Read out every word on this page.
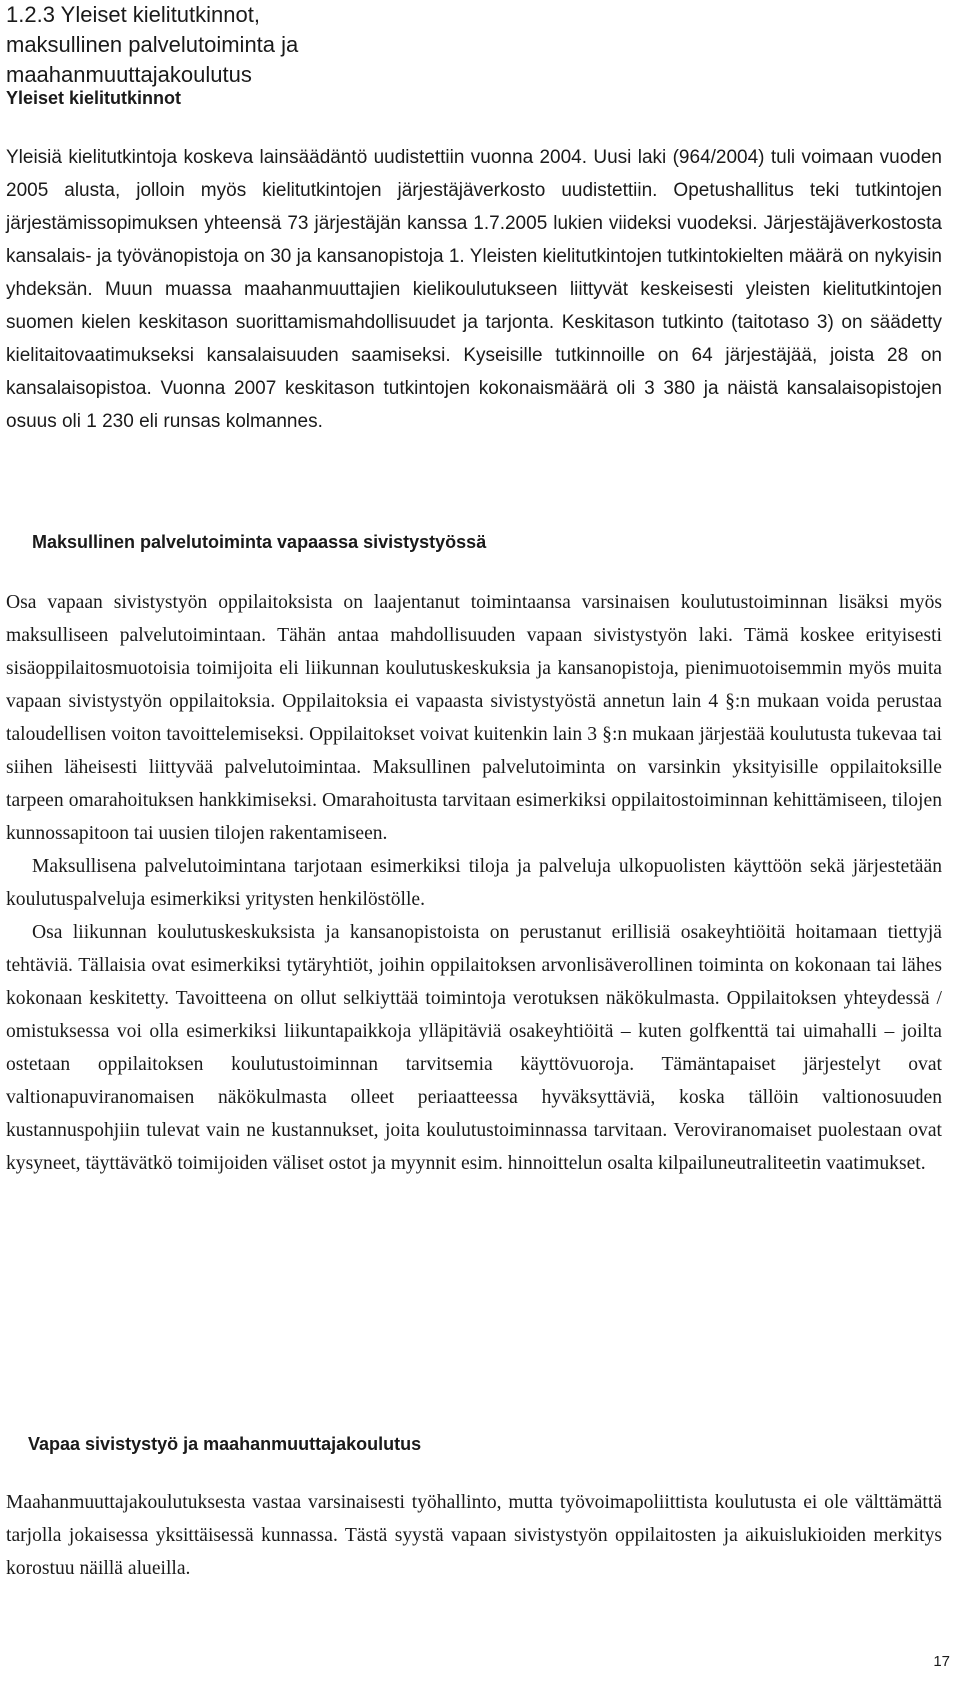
1.2.3 Yleiset kielitutkinnot, maksullinen palvelutoiminta ja maahanmuuttajakoulutus
Yleiset kielitutkinnot

Yleisiä kielitutkintoja koskeva lainsäädäntö uudistettiin vuonna 2004. Uusi laki (964/2004) tuli voimaan vuoden 2005 alusta, jolloin myös kielitutkintojen järjestäjäverkosto uudistettiin. Opetushallitus teki tutkintojen järjestämissopimuksen yhteensä 73 järjestäjän kanssa 1.7.2005 lukien viideksi vuodeksi. Järjestäjäverkostosta kansalais- ja työvänopistoja on 30 ja kansanopistoja 1. Yleisten kielitutkintojen tutkintokielten määrä on nykyisin yhdeksän. Muun muassa maahanmuuttajien kielikoulutukseen liittyvät keskeisesti yleisten kielitutkintojen suomen kielen keskitason suorittamismahdollisuudet ja tarjonta. Keskitason tutkinto (taitotaso 3) on säädetty kielitaitovaatimukseksi kansalaisuuden saamiseksi. Kyseisille tutkinnoille on 64 järjestäjää, joista 28 on kansalaisopistoa. Vuonna 2007 keskitason tutkintojen kokonaismäärä oli 3 380 ja näistä kansalaisopistojen osuus oli 1 230 eli runsas kolmannes.

Maksullinen palvelutoiminta vapaassa sivistystyössä

Osa vapaan sivistystyön oppilaitoksista on laajentanut toimintaansa varsinaisen koulutustoiminnan lisäksi myös maksulliseen palvelutoimintaan. Tähän antaa mahdollisuuden vapaan sivistystyön laki. Tämä koskee erityisesti sisäoppilaitosmuotoisia toimijoita eli liikunnan koulutuskeskuksia ja kansanopistoja, pienimuotoisemmin myös muita vapaan sivistystyön oppilaitoksia. Oppilaitoksia ei vapaasta sivistystyöstä annetun lain 4 §:n mukaan voida perustaa taloudellisen voiton tavoittelemiseksi. Oppilaitokset voivat kuitenkin lain 3 §:n mukaan järjestää koulutusta tukevaa tai siihen läheisesti liittyvää palvelutoimintaa. Maksullinen palvelutoiminta on varsinkin yksityisille oppilaitoksille tarpeen omarahoituksen hankkimiseksi. Omarahoitusta tarvitaan esimerkiksi oppilaitostoiminnan kehittämiseen, tilojen kunnossapitoon tai uusien tilojen rakentamiseen.

Maksullisena palvelutoimintana tarjotaan esimerkiksi tiloja ja palveluja ulkopuolisten käyttöön sekä järjestetään koulutuspalveluja esimerkiksi yritysten henkilöstölle.

Osa liikunnan koulutuskeskuksista ja kansanopistoista on perustanut erillisiä osakeyhtiöitä hoitamaan tiettyjä tehtäviä. Tällaisia ovat esimerkiksi tytäryhtiöt, joihin oppilaitoksen arvonlisäverollinen toiminta on kokonaan tai lähes kokonaan keskitetty. Tavoitteena on ollut selkiyttää toimintoja verotuksen näkökulmasta. Oppilaitoksen yhteydessä / omistuksessa voi olla esimerkiksi liikuntapaikkoja ylläpitäviä osakeyhtiöitä – kuten golfkenttä tai uimahalli – joilta ostetaan oppilaitoksen koulutustoiminnan tarvitsemia käyttövuoroja. Tämäntapaiset järjestelyt ovat valtionapuviranomaisen näkökulmasta olleet periaatteessa hyväksyttäviä, koska tällöin valtionosuuden kustannuspohjiin tulevat vain ne kustannukset, joita koulutustoiminnassa tarvitaan. Veroviranomaiset puolestaan ovat kysyneet, täyttävätkö toimijoiden väliset ostot ja myynnit esim. hinnoittelun osalta kilpailuneutraliteetin vaatimukset.

Vapaa sivistystyö ja maahanmuuttajakoulutus

Maahanmuuttajakoulutuksesta vastaa varsinaisesti työhallinto, mutta työvoimapoliittista koulutusta ei ole välttämättä tarjolla jokaisessa yksittäisessä kunnassa. Tästä syystä vapaan sivistystyön oppilaitosten ja aikuislukioiden merkitys korostuu näillä alueilla.

17
